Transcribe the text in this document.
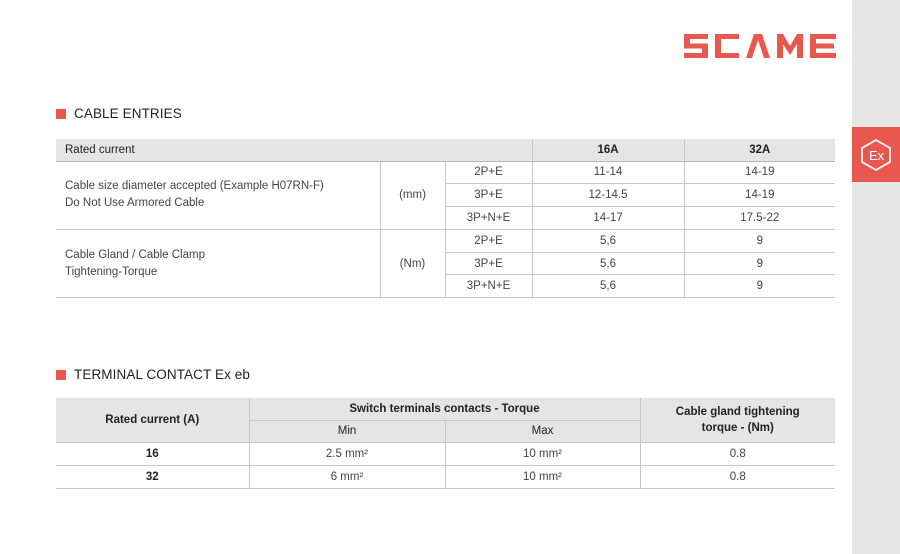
Ex
CABLE ENTRIES
Rated current			16A	32A

Cable size diameter accepted (Example H07RN-F)
Do Not Use Armored Cable	(mm)	2P+E	11-14	14-19
		3P+E	12-14.5	14-19
		3P+N+E	14-17	17.5-22

Cable Gland / Cable Clamp
Tightening-Torque	(Nm)	2P+E	5,6	9
		3P+E	5,6	9
		3P+N+E	5,6	9
TERMINAL CONTACT Ex eb
Rated current (A)	Switch terminals contacts - Torque		Cable gland tightening
torque - (Nm)

	Min	Max	
16	2.5 mm²	10 mm²	0.8
32	6 mm²	10 mm²	0.8
